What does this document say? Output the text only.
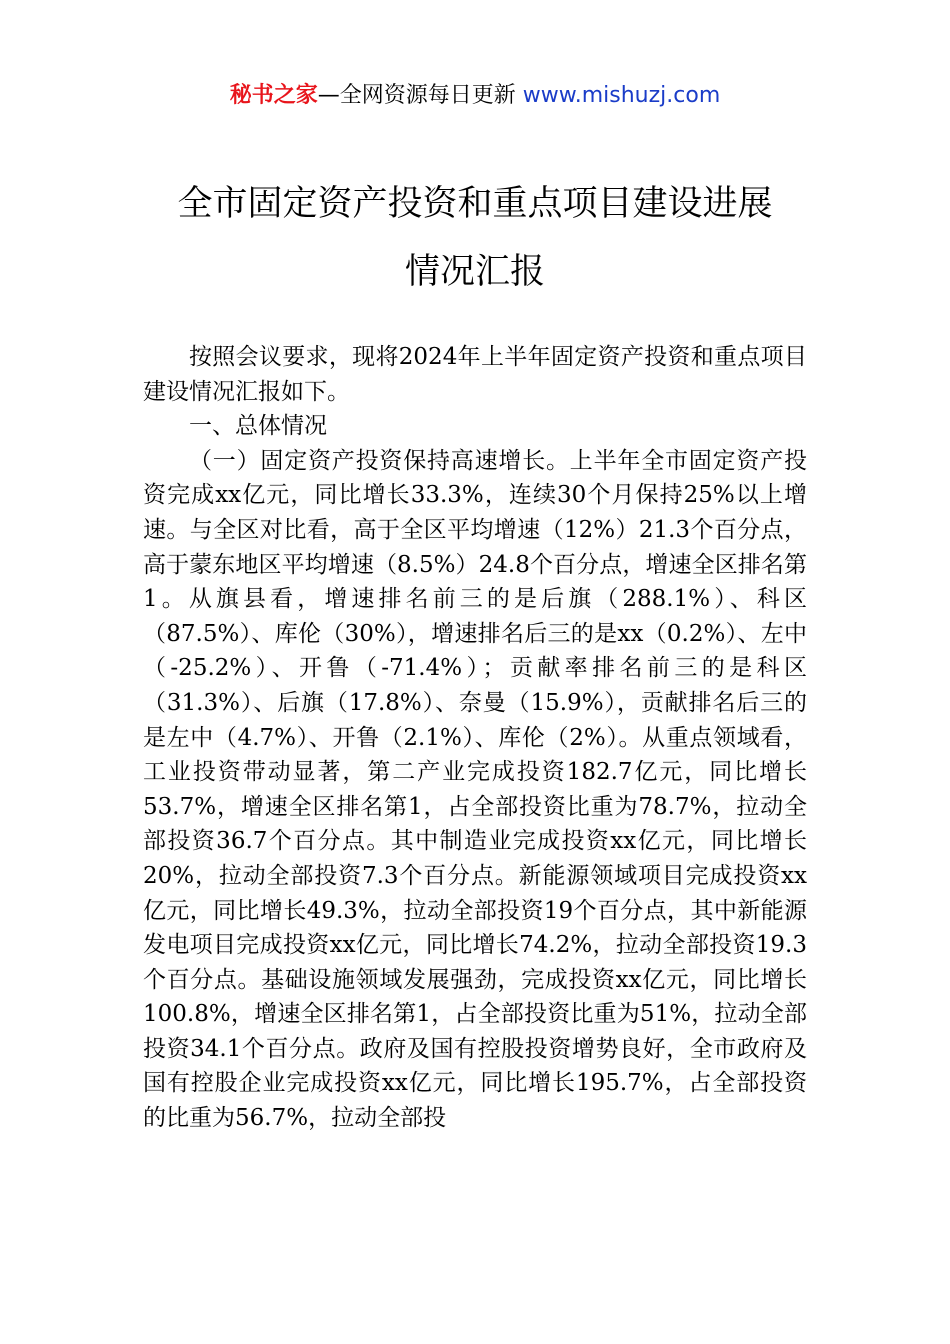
秘书之家—全网资源每日更新 www.mishuzj.com
全市固定资产投资和重点项目建设进展
情况汇报

按照会议要求，现将2024年上半年固定资产投资和重点项目建设情况汇报如下。

一、总体情况

（一）固定资产投资保持高速增长。上半年全市固定资产投资完成xx亿元，同比增长33.3%，连续30个月保持25%以上增速。与全区对比看，高于全区平均增速（12%）21.3个百分点，高于蒙东地区平均增速（8.5%）24.8个百分点，增速全区排名第1。从旗县看，增速排名前三的是后旗（288.1%）、科区（87.5%）、库伦（30%），增速排名后三的是xx（0.2%）、左中（-25.2%）、开鲁（-71.4%）；贡献率排名前三的是科区（31.3%）、后旗（17.8%）、奈曼（15.9%），贡献排名后三的是左中（4.7%）、开鲁（2.1%）、库伦（2%）。从重点领域看，工业投资带动显著，第二产业完成投资182.7亿元，同比增长53.7%，增速全区排名第1，占全部投资比重为78.7%，拉动全部投资36.7个百分点。其中制造业完成投资xx亿元，同比增长20%，拉动全部投资7.3个百分点。新能源领域项目完成投资xx亿元，同比增长49.3%，拉动全部投资19个百分点，其中新能源发电项目完成投资xx亿元，同比增长74.2%，拉动全部投资19.3个百分点。基础设施领域发展强劲，完成投资xx亿元，同比增长100.8%，增速全区排名第1，占全部投资比重为51%，拉动全部投资34.1个百分点。政府及国有控股投资增势良好，全市政府及国有控股企业完成投资xx亿元，同比增长195.7%，占全部投资的比重为56.7%，拉动全部投
